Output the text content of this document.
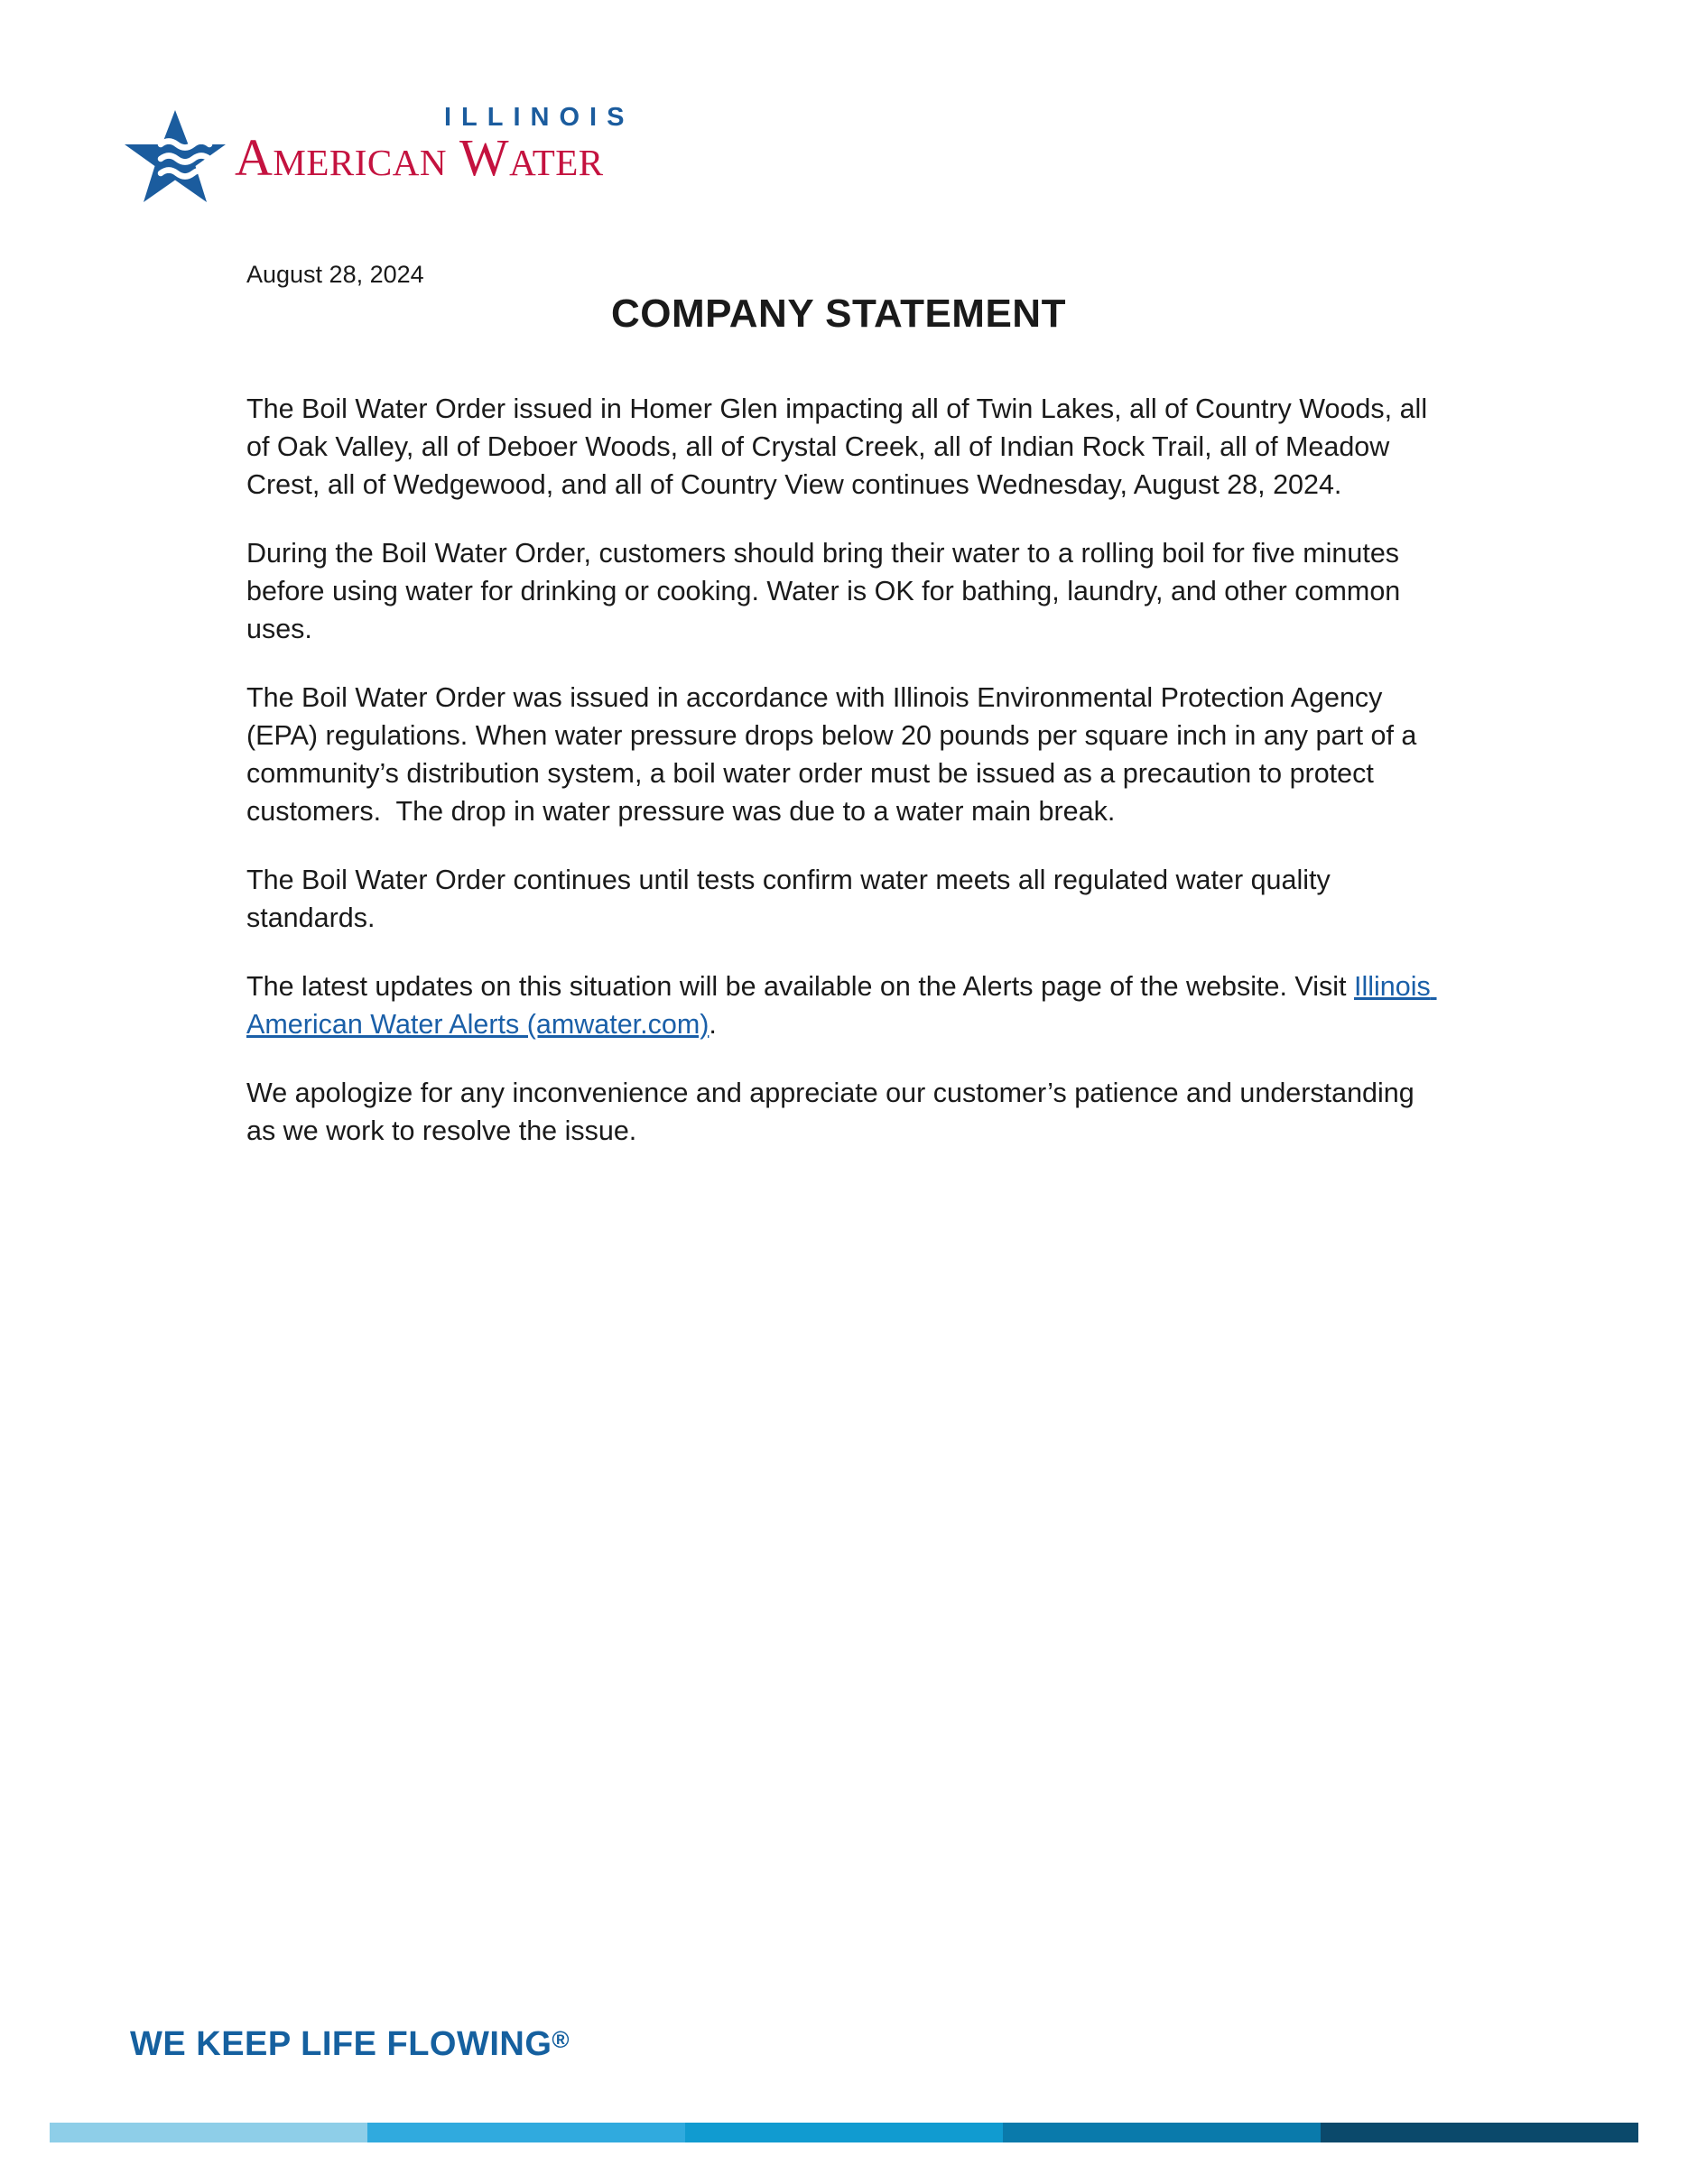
ILLINOIS
American Water
August 28, 2024
COMPANY STATEMENT

The Boil Water Order issued in Homer Glen impacting all of Twin Lakes, all of Country Woods, all of Oak Valley, all of Deboer Woods, all of Crystal Creek, all of Indian Rock Trail, all of Meadow Crest, all of Wedgewood, and all of Country View continues Wednesday, August 28, 2024.

During the Boil Water Order, customers should bring their water to a rolling boil for five minutes before using water for drinking or cooking. Water is OK for bathing, laundry, and other common uses.

The Boil Water Order was issued in accordance with Illinois Environmental Protection Agency (EPA) regulations. When water pressure drops below 20 pounds per square inch in any part of a community’s distribution system, a boil water order must be issued as a precaution to protect customers.  The drop in water pressure was due to a water main break.

The Boil Water Order continues until tests confirm water meets all regulated water quality standards.

The latest updates on this situation will be available on the Alerts page of the website. Visit Illinois American Water Alerts (amwater.com).

We apologize for any inconvenience and appreciate our customer’s patience and understanding as we work to resolve the issue.

WE KEEP LIFE FLOWING®
